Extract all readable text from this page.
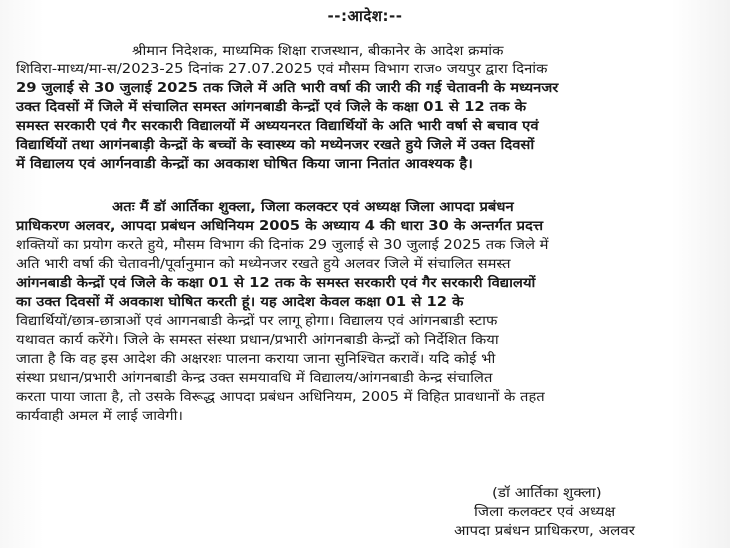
--:आदेश:--
श्रीमान निदेशक, माध्यमिक शिक्षा राजस्थान, बीकानेर के आदेश क्रमांक
शिविरा-माध्य/मा-स/2023-25 दिनांक 27.07.2025 एवं मौसम विभाग राज० जयपुर द्वारा दिनांक
29 जुलाई से 30 जुलाई 2025 तक जिले में अति भारी वर्षा की जारी की गई चेतावनी के मध्यनजर
उक्त दिवसों में जिले में संचालित समस्त आंगनबाडी केन्द्रों एवं जिले के कक्षा 01 से 12 तक के
समस्त सरकारी एवं गैर सरकारी विद्यालयों में अध्ययनरत विद्यार्थियों के अति भारी वर्षा से बचाव एवं
विद्यार्थियों तथा आगंनबाड़ी केन्द्रों के बच्चों के स्वास्थ्य को मध्येनजर रखते हुये जिले में उक्त दिवसों
में विद्यालय एवं आर्गनवाडी केन्द्रों का अवकाश घोषित किया जाना नितांत आवश्यक है।
अतः मैं डॉ आर्तिका शुक्ला, जिला कलक्टर एवं अध्यक्ष जिला आपदा प्रबंधन
प्राधिकरण अलवर, आपदा प्रबंधन अधिनियम 2005 के अध्याय 4 की धारा 30 के अन्तर्गत प्रदत्त
शक्तियों का प्रयोग करते हुये, मौसम विभाग की दिनांक 29 जुलाई से 30 जुलाई 2025 तक जिले में
अति भारी वर्षा की चेतावनी/पूर्वानुमान को मध्येनजर रखते हुये अलवर जिले में संचालित समस्त
आंगनबाडी केन्द्रों एवं जिले के कक्षा 01 से 12 तक के समस्त सरकारी एवं गैर सरकारी विद्यालयों
का उक्त दिवसों में अवकाश घोषित करती हूं। यह आदेश केवल कक्षा 01 से 12 के
विद्यार्थियों/छात्र-छात्राओं एवं आगनबाडी केन्द्रों पर लागू होगा। विद्यालय एवं आंगनबाडी स्टाफ
यथावत कार्य करेंगे। जिले के समस्त संस्था प्रधान/प्रभारी आंगनबाडी केन्द्रों को निर्देशित किया
जाता है कि वह इस आदेश की अक्षरशः पालना कराया जाना सुनिश्चित करावें। यदि कोई भी
संस्था प्रधान/प्रभारी आंगनबाडी केन्द्र उक्त समयावधि में विद्यालय/आंगनबाडी केन्द्र संचालित
करता पाया जाता है, तो उसके विरूद्ध आपदा प्रबंधन अधिनियम, 2005 में विहित प्रावधानों के तहत
कार्यवाही अमल में लाई जावेगी।
(डॉ आर्तिका शुक्ला)
जिला कलक्टर एवं अध्यक्ष
आपदा प्रबंधन प्राधिकरण, अलवर
